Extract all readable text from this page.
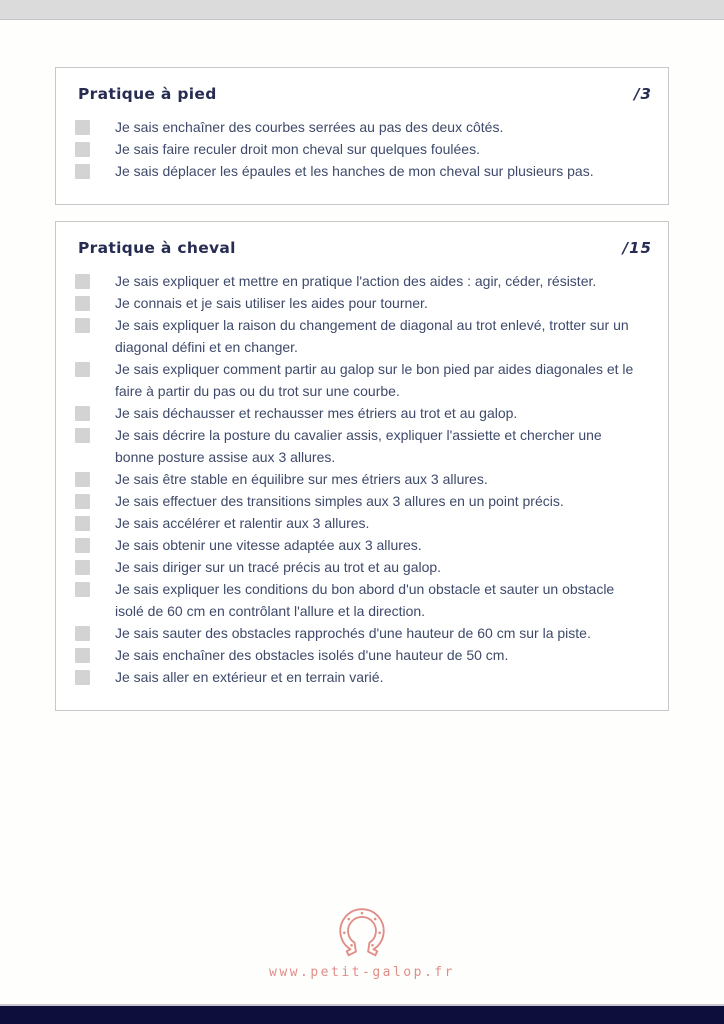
Pratique à pied	/3
Je sais enchaîner des courbes serrées au pas des deux côtés.
Je sais faire reculer droit mon cheval sur quelques foulées.
Je sais déplacer les épaules et les hanches de mon cheval sur plusieurs pas.
Pratique à cheval	/15
Je sais expliquer et mettre en pratique l'action des aides : agir, céder, résister.
Je connais et je sais utiliser les aides pour tourner.
Je sais expliquer la raison du changement de diagonal au trot enlevé, trotter sur un diagonal défini et en changer.
Je sais expliquer comment partir au galop sur le bon pied par aides diagonales et le faire à partir du pas ou du trot sur une courbe.
Je sais déchausser et rechausser mes étriers au trot et au galop.
Je sais décrire la posture du cavalier assis, expliquer l'assiette et chercher une bonne posture assise aux 3 allures.
Je sais être stable en équilibre sur mes étriers aux 3 allures.
Je sais effectuer des transitions simples aux 3 allures en un point précis.
Je sais accélérer et ralentir aux 3 allures.
Je sais obtenir une vitesse adaptée aux 3 allures.
Je sais diriger sur un tracé précis au trot et au galop.
Je sais expliquer les conditions du bon abord d'un obstacle et sauter un obstacle isolé de 60 cm en contrôlant l'allure et la direction.
Je sais sauter des obstacles rapprochés d'une hauteur de 60 cm sur la piste.
Je sais enchaîner des obstacles isolés d'une hauteur de 50 cm.
Je sais aller en extérieur et en terrain varié.
www.petit-galop.fr
